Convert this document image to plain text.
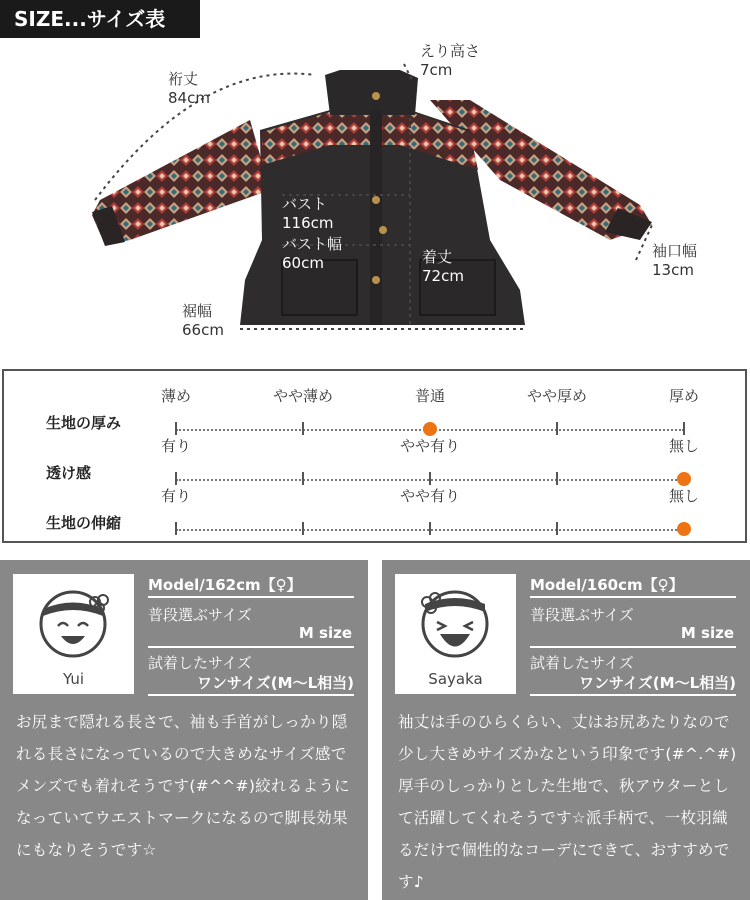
SIZE...サイズ表
裄丈
84cm
えり高さ
7cm
バスト
116cm
バスト幅
60cm	着丈
72cm
袖口幅
13cm
裾幅
66cm
生地の厚み
薄め	やや薄め	普通	やや厚め	厚め
透け感
有り	やや有り	無し
生地の伸縮
有り	やや有り	無し
Yui
Model/162cm【♀】
普段選ぶサイズ
M size
試着したサイズ
ワンサイズ(M〜L相当)
お尻まで隠れる長さで、袖も手首がしっかり隠れる長さになっているので大きめなサイズ感でメンズでも着れそうです(#^^#)絞れるようになっていてウエストマークになるので脚長効果にもなりそうです☆
Sayaka
Model/160cm【♀】
普段選ぶサイズ
M size
試着したサイズ
ワンサイズ(M〜L相当)
袖丈は手のひらくらい、丈はお尻あたりなので少し大きめサイズかなという印象です(#^.^#)厚手のしっかりとした生地で、秋アウターとして活躍してくれそうです☆派手柄で、一枚羽織るだけで個性的なコーデにできて、おすすめです♪
